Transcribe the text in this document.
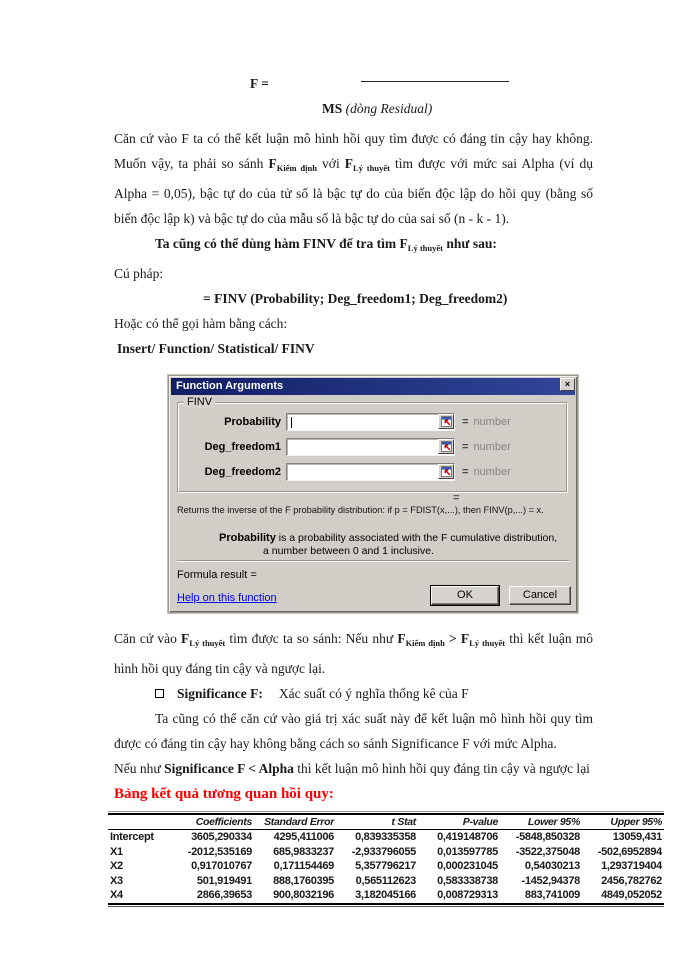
F =
MS (dòng Residual)
Căn cứ vào F ta có thể kết luận mô hình hồi quy tìm được có đáng tin cậy hay không. Muốn vậy, ta phải so sánh $F_{Kiểm định}$ với $F_{Lý thuyết}$ tìm được với mức sai Alpha (ví dụ Alpha = 0,05), bậc tự do của tử số là bậc tự do của biến độc lập do hồi quy (bằng số biến độc lập k) và bậc tự do của mẫu số là bậc tự do của sai số (n - k - 1).
Ta cũng có thể dùng hàm FINV để tra tìm $F_{Lý thuyết}$ như sau:
Cú pháp:
= FINV (Probability; Deg_freedom1; Deg_freedom2)
Hoặc có thể gọi hàm bằng cách:
Insert/ Function/ Statistical/ FINV
Function Arguments	×
FINV
Probability	= number
Deg_freedom1	= number
Deg_freedom2	= number
=
Returns the inverse of the F probability distribution: if p = FDIST(x,...), then FINV(p,...) = x.
Probability is a probability associated with the F cumulative distribution, a number between 0 and 1 inclusive.
Formula result =
Help on this function	OK	Cancel
Căn cứ vào $F_{Lý thuyết}$ tìm được ta so sánh: Nếu như $F_{Kiểm định} > F_{Lý thuyết}$ thì kết luận mô hình hồi quy đáng tin cậy và ngược lại.
Significance F: Xác suất có ý nghĩa thống kê của F
Ta cũng có thể căn cứ vào giá trị xác suất này để kết luận mô hình hồi quy tìm được có đáng tin cậy hay không bằng cách so sánh Significance F với mức Alpha.
Nếu như Significance F < Alpha thì kết luận mô hình hồi quy đáng tin cậy và ngược lại
Bảng kết quả tương quan hồi quy:
	Coefficients	Standard Error	t Stat	P-value	Lower 95%	Upper 95%
Intercept	3605,290334	4295,411006	0,839335358	0,419148706	-5848,850328	13059,431
X1	-2012,535169	685,9833237	-2,933796055	0,013597785	-3522,375048	-502,6952894
X2	0,917010767	0,171154469	5,357796217	0,000231045	0,54030213	1,293719404
X3	501,919491	888,1760395	0,565112623	0,583338738	-1452,94378	2456,782762
X4	2866,39653	900,8032196	3,182045166	0,008729313	883,741009	4849,052052
